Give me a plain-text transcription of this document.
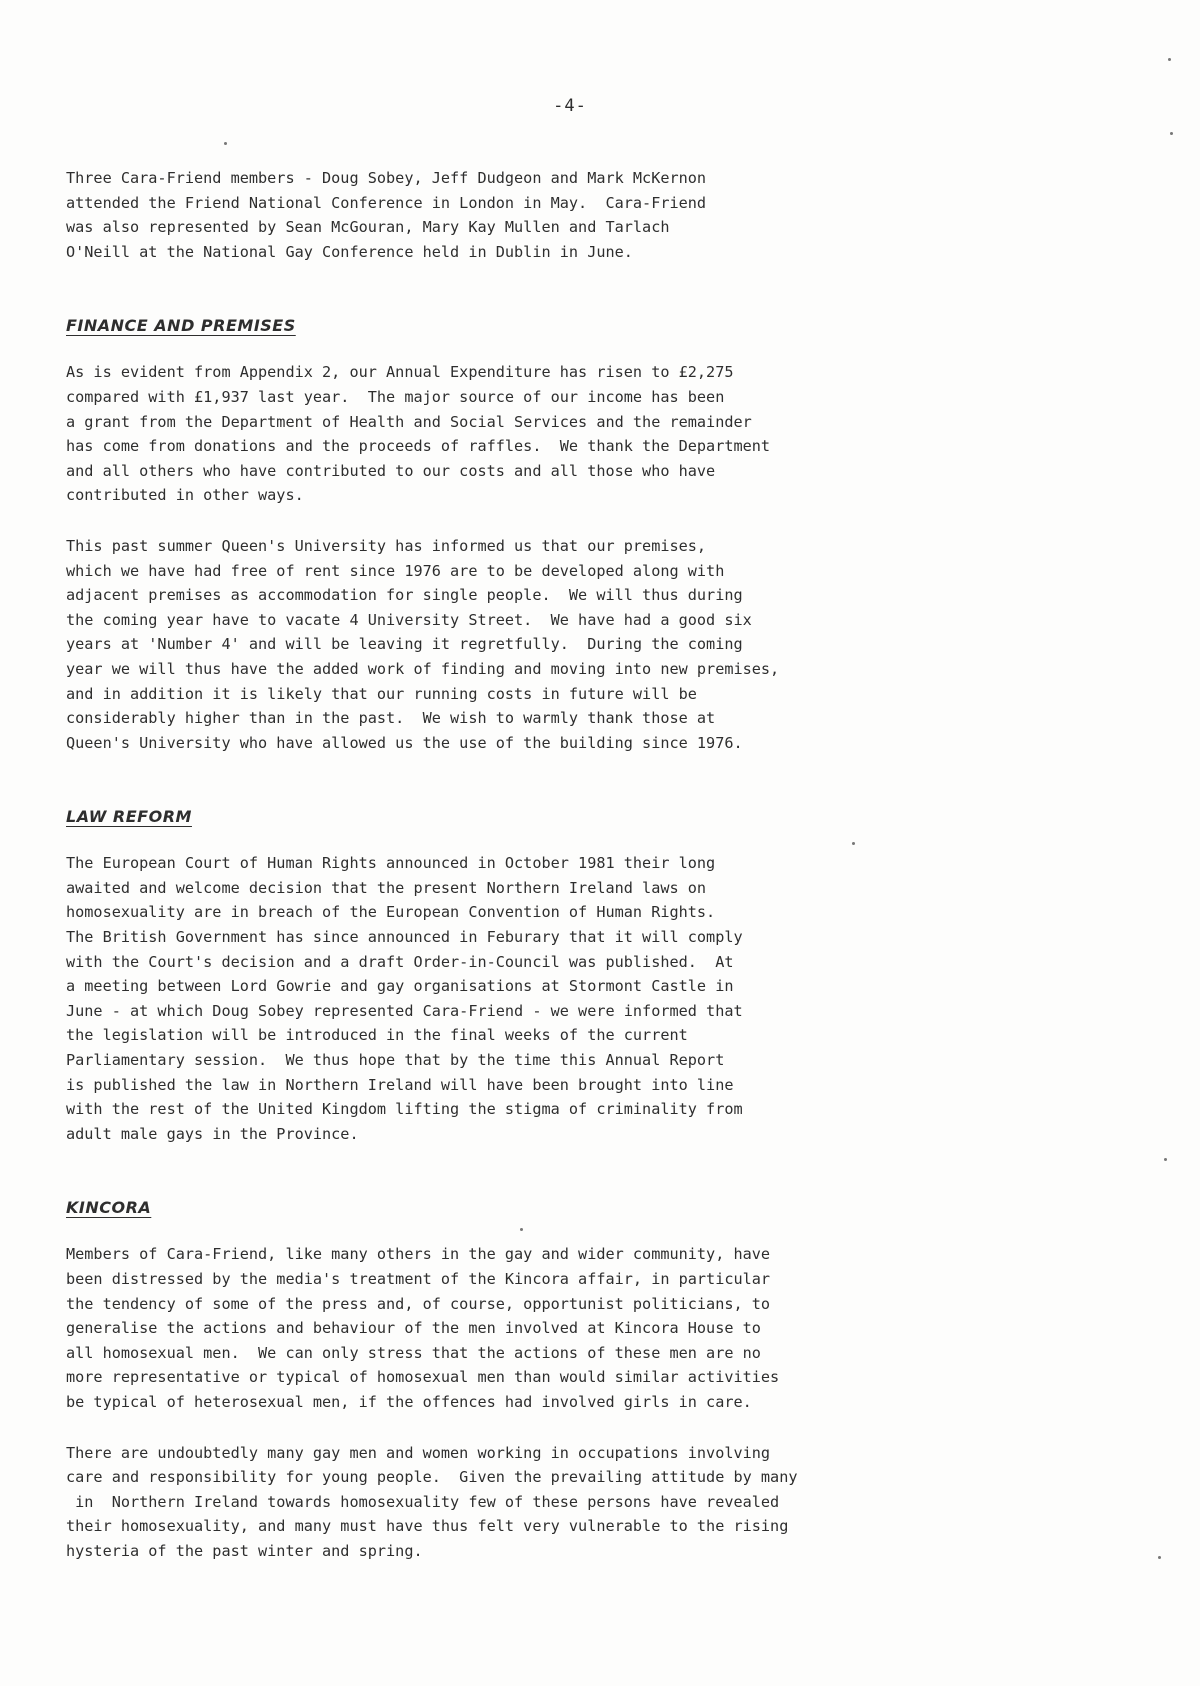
-4-

Three Cara-Friend members - Doug Sobey, Jeff Dudgeon and Mark McKernon
attended the Friend National Conference in London in May.  Cara-Friend
was also represented by Sean McGouran, Mary Kay Mullen and Tarlach
O'Neill at the National Gay Conference held in Dublin in June.

FINANCE AND PREMISES

As is evident from Appendix 2, our Annual Expenditure has risen to £2,275
compared with £1,937 last year.  The major source of our income has been
a grant from the Department of Health and Social Services and the remainder
has come from donations and the proceeds of raffles.  We thank the Department
and all others who have contributed to our costs and all those who have
contributed in other ways.

This past summer Queen's University has informed us that our premises,
which we have had free of rent since 1976 are to be developed along with
adjacent premises as accommodation for single people.  We will thus during
the coming year have to vacate 4 University Street.  We have had a good six
years at 'Number 4' and will be leaving it regretfully.  During the coming
year we will thus have the added work of finding and moving into new premises,
and in addition it is likely that our running costs in future will be
considerably higher than in the past.  We wish to warmly thank those at
Queen's University who have allowed us the use of the building since 1976.

LAW REFORM

The European Court of Human Rights announced in October 1981 their long
awaited and welcome decision that the present Northern Ireland laws on
homosexuality are in breach of the European Convention of Human Rights.
The British Government has since announced in Feburary that it will comply
with the Court's decision and a draft Order-in-Council was published.  At
a meeting between Lord Gowrie and gay organisations at Stormont Castle in
June - at which Doug Sobey represented Cara-Friend - we were informed that
the legislation will be introduced in the final weeks of the current
Parliamentary session.  We thus hope that by the time this Annual Report
is published the law in Northern Ireland will have been brought into line
with the rest of the United Kingdom lifting the stigma of criminality from
adult male gays in the Province.

KINCORA

Members of Cara-Friend, like many others in the gay and wider community, have
been distressed by the media's treatment of the Kincora affair, in particular
the tendency of some of the press and, of course, opportunist politicians, to
generalise the actions and behaviour of the men involved at Kincora House to
all homosexual men.  We can only stress that the actions of these men are no
more representative or typical of homosexual men than would similar activities
be typical of heterosexual men, if the offences had involved girls in care.

There are undoubtedly many gay men and women working in occupations involving
care and responsibility for young people.  Given the prevailing attitude by many
in  Northern Ireland towards homosexuality few of these persons have revealed
their homosexuality, and many must have thus felt very vulnerable to the rising
hysteria of the past winter and spring.
